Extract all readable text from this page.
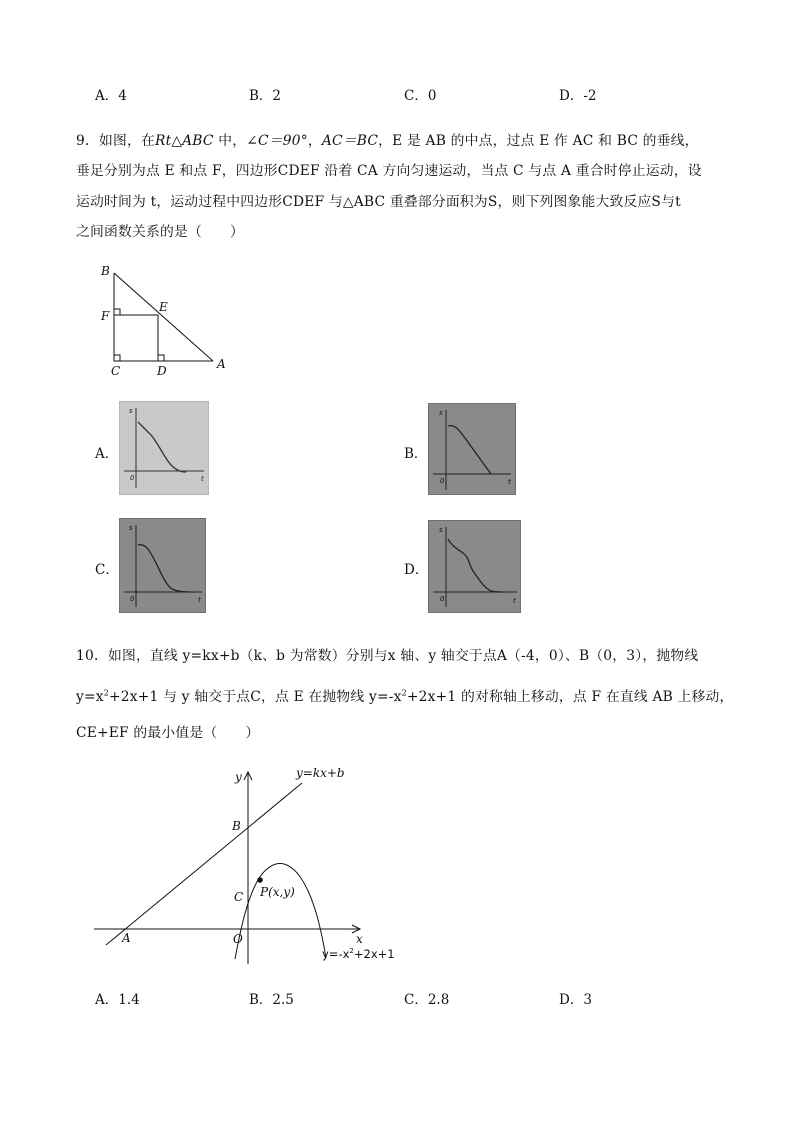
A．4	B．2	C．0	D．-2
9．如图，在Rt△ABC 中，∠C＝90°，AC＝BC，E 是 AB 的中点，过点 E 作 AC 和 BC 的垂线，
垂足分别为点 E 和点 F，四边形CDEF 沿着 CA 方向匀速运动，当点 C 与点 A 重合时停止运动，设
运动时间为 t，运动过程中四边形CDEF 与△ABC 重叠部分面积为S，则下列图象能大致反应S与t
之间函数关系的是（　　）
B
E
F
C	D	A
A．
s
t
0
B．
s
t
0
C．
s
t
0
D．
s
t
0
10．如图，直线 y=kx+b（k、b 为常数）分别与x 轴、y 轴交于点A（-4，0）、B（0，3），抛物线
$y=x^2+2x+1$ 与 y 轴交于点C，点 E 在抛物线 $y=-x^2+2x+1$ 的对称轴上移动，点 F 在直线 AB 上移动，
CE+EF 的最小值是（　　）
y
x
y=kx+b
B
C P(x,y)
A	O
$y=-x^2+2x+1$
A．1.4	B．2.5	C．2.8	D．3
